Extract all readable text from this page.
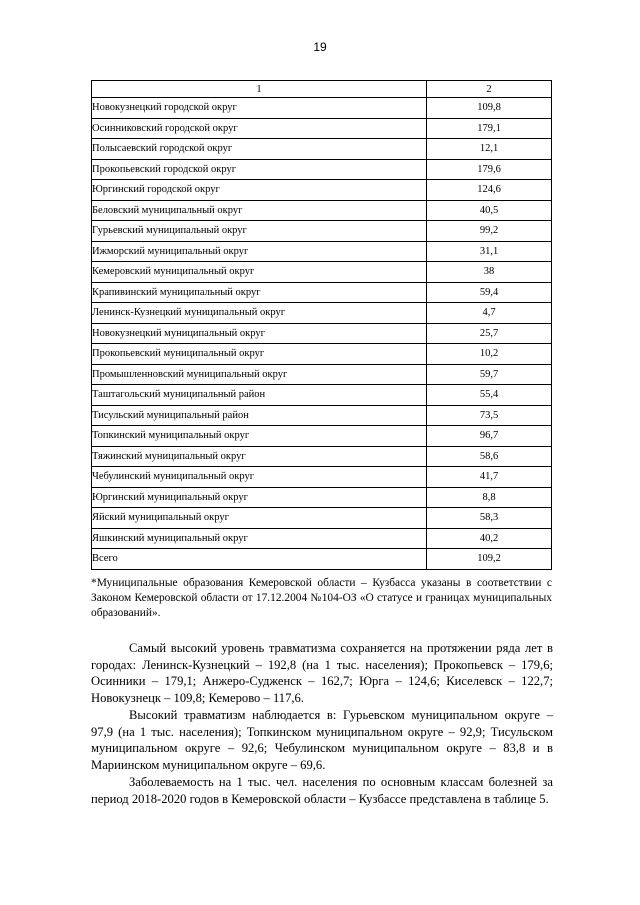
19
1	2
Новокузнецкий городской округ	109,8
Осинниковский городской округ	179,1
Полысаевский городской округ	12,1
Прокопьевский городской округ	179,6
Юргинский городской округ	124,6
Беловский муниципальный округ	40,5
Гурьевский муниципальный округ	99,2
Ижморский муниципальный округ	31,1
Кемеровский муниципальный округ	38
Крапивинский муниципальный округ	59,4
Ленинск-Кузнецкий муниципальный округ	4,7
Новокузнецкий муниципальный округ	25,7
Прокопьевский муниципальный округ	10,2
Промышленновский муниципальный округ	59,7
Таштагольский муниципальный район	55,4
Тисульский муниципальный район	73,5
Топкинский муниципальный округ	96,7
Тяжинский муниципальный округ	58,6
Чебулинский муниципальный округ	41,7
Юргинский муниципальный округ	8,8
Яйский муниципальный округ	58,3
Яшкинский муниципальный округ	40,2
Всего	109,2
*Муниципальные образования Кемеровской области – Кузбасса указаны в соответствии с Законом Кемеровской области от 17.12.2004 №104-ОЗ «О статусе и границах муниципальных образований».

Самый высокий уровень травматизма сохраняется на протяжении ряда лет в городах: Ленинск-Кузнецкий – 192,8 (на 1 тыс. населения); Прокопьевск – 179,6; Осинники – 179,1; Анжеро-Судженск – 162,7; Юрга – 124,6; Киселевск – 122,7; Новокузнецк – 109,8; Кемерово – 117,6.

Высокий травматизм наблюдается в: Гурьевском муниципальном округе – 97,9 (на 1 тыс. населения); Топкинском муниципальном округе – 92,9; Тисульском муниципальном округе – 92,6; Чебулинском муниципальном округе – 83,8 и в Мариинском муниципальном округе – 69,6.

Заболеваемость на 1 тыс. чел. населения по основным классам болезней за период 2018-2020 годов в Кемеровской области – Кузбассе представлена в таблице 5.
